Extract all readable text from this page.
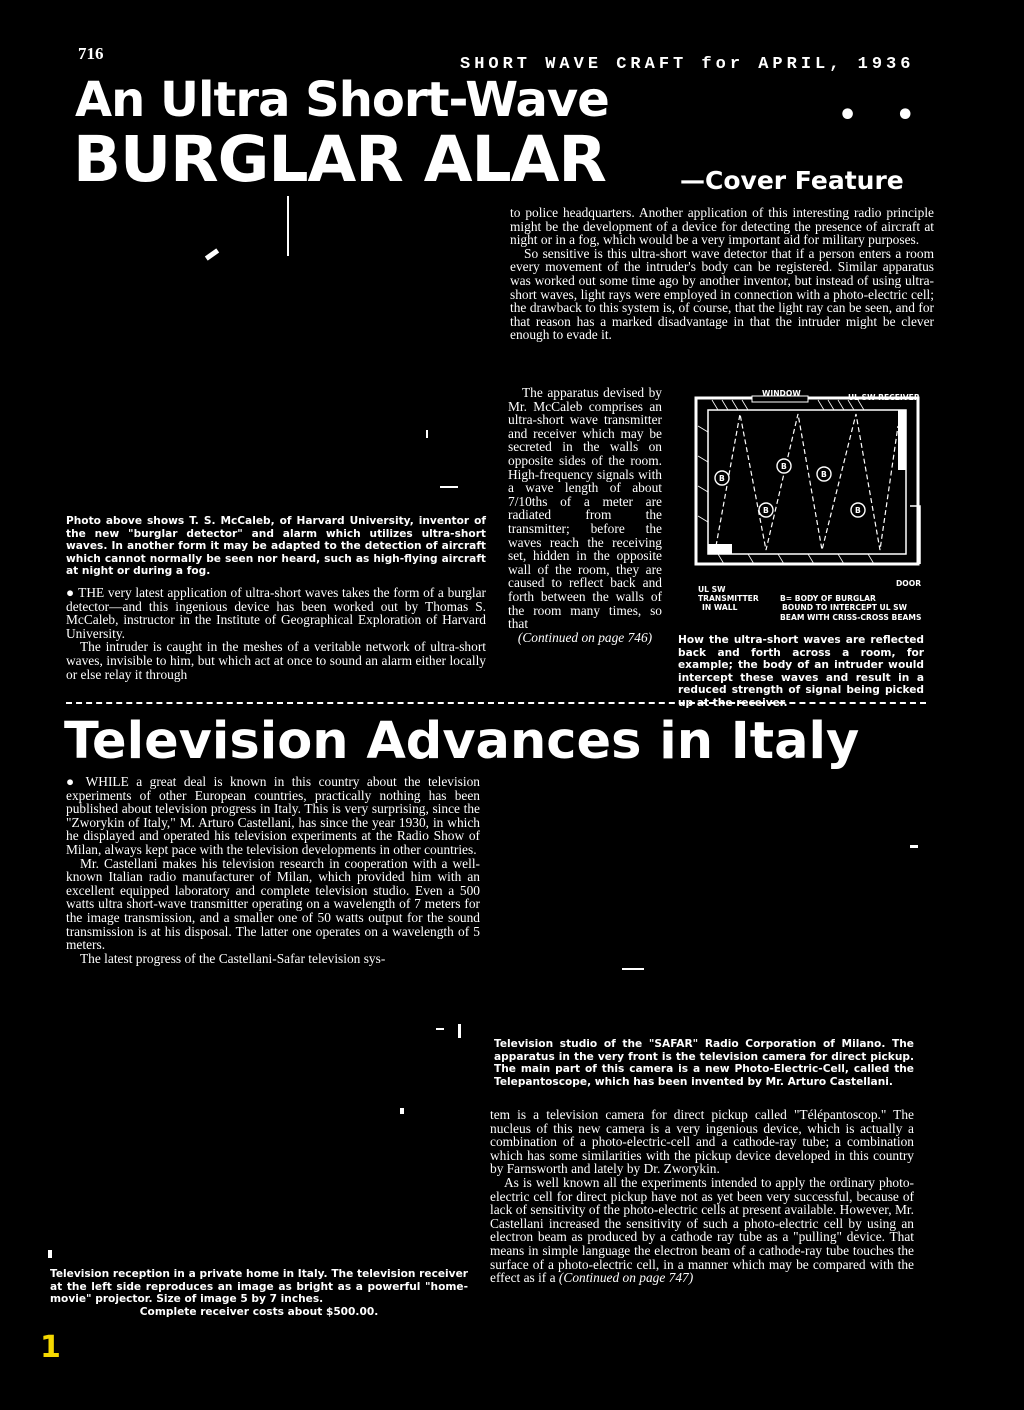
716
SHORT WAVE CRAFT for APRIL, 1936
An Ultra Short-Wave	• •
BURGLAR ALAR	—Cover Feature
Photo above shows T. S. McCaleb, of Harvard University, inventor of the new "burglar detector" and alarm which utilizes ultra-short waves. In another form it may be adapted to the detection of aircraft which cannot normally be seen nor heard, such as high-flying aircraft at night or during a fog.

● THE very latest application of ultra-short waves takes the form of a burglar detector—and this ingenious device has been worked out by Thomas S. McCaleb, instructor in the Institute of Geographical Exploration of Harvard University.

The intruder is caught in the meshes of a veritable network of ultra-short waves, invisible to him, but which act at once to sound an alarm either locally or else relay it through

to police headquarters. Another application of this interesting radio principle might be the development of a device for detecting the presence of aircraft at night or in a fog, which would be a very important aid for military purposes.

So sensitive is this ultra-short wave detector that if a person enters a room every movement of the intruder's body can be registered. Similar apparatus was worked out some time ago by another inventor, but instead of using ultra-short waves, light rays were employed in connection with a photo-electric cell; the drawback to this system is, of course, that the light ray can be seen, and for that reason has a marked disadvantage in that the intruder might be clever enough to evade it.

The apparatus devised by Mr. McCaleb comprises an ultra-short wave transmitter and receiver which may be secreted in the walls on opposite sides of the room. High-frequency signals with a wave length of about 7/10ths of a meter are radiated from the transmitter; before the waves reach the receiving set, hidden in the opposite wall of the room, they are caused to reflect back and forth between the walls of the room many times, so that

(Continued on page 746)

WINDOW	UL SW RECEIVER
B
B
B
B
B
DOOR
UL SW
TRANSMITTER
IN WALL
B= BODY OF BURGLAR
BOUND TO INTERCEPT UL SW
BEAM WITH CRISS-CROSS BEAMS
How the ultra-short waves are reflected back and forth across a room, for example; the body of an intruder would intercept these waves and result in a reduced strength of signal being picked up at the receiver.
Television Advances in Italy

● WHILE a great deal is known in this country about the television experiments of other European countries, practically nothing has been published about television progress in Italy. This is very surprising, since the "Zworykin of Italy," M. Arturo Castellani, has since the year 1930, in which he displayed and operated his television experiments at the Radio Show of Milan, always kept pace with the television developments in other countries.

Mr. Castellani makes his television research in cooperation with a well-known Italian radio manufacturer of Milan, which provided him with an excellent equipped laboratory and complete television studio. Even a 500 watts ultra short-wave transmitter operating on a wavelength of 7 meters for the image transmission, and a smaller one of 50 watts output for the sound transmission is at his disposal. The latter one operates on a wavelength of 5 meters.

The latest progress of the Castellani-Safar television sys-

Television studio of the "SAFAR" Radio Corporation of Milano. The apparatus in the very front is the television camera for direct pickup. The main part of this camera is a new Photo-Electric-Cell, called the Telepantoscope, which has been invented by Mr. Arturo Castellani.

tem is a television camera for direct pickup called "Télépantoscop." The nucleus of this new camera is a very ingenious device, which is actually a combination of a photo-electric-cell and a cathode-ray tube; a combination which has some similarities with the pickup device developed in this country by Farnsworth and lately by Dr. Zworykin.

As is well known all the experiments intended to apply the ordinary photo-electric cell for direct pickup have not as yet been very successful, because of lack of sensitivity of the photo-electric cells at present available. However, Mr. Castellani increased the sensitivity of such a photo-electric cell by using an electron beam as produced by a cathode ray tube as a "pulling" device. That means in simple language the electron beam of a cathode-ray tube touches the surface of a photo-electric cell, in a manner which may be compared with the effect as if a (Continued on page 747)

Television reception in a private home in Italy. The television receiver at the left side reproduces an image as bright as a powerful "home-movie" projector. Size of image 5 by 7 inches.
Complete receiver costs about $500.00.
1
